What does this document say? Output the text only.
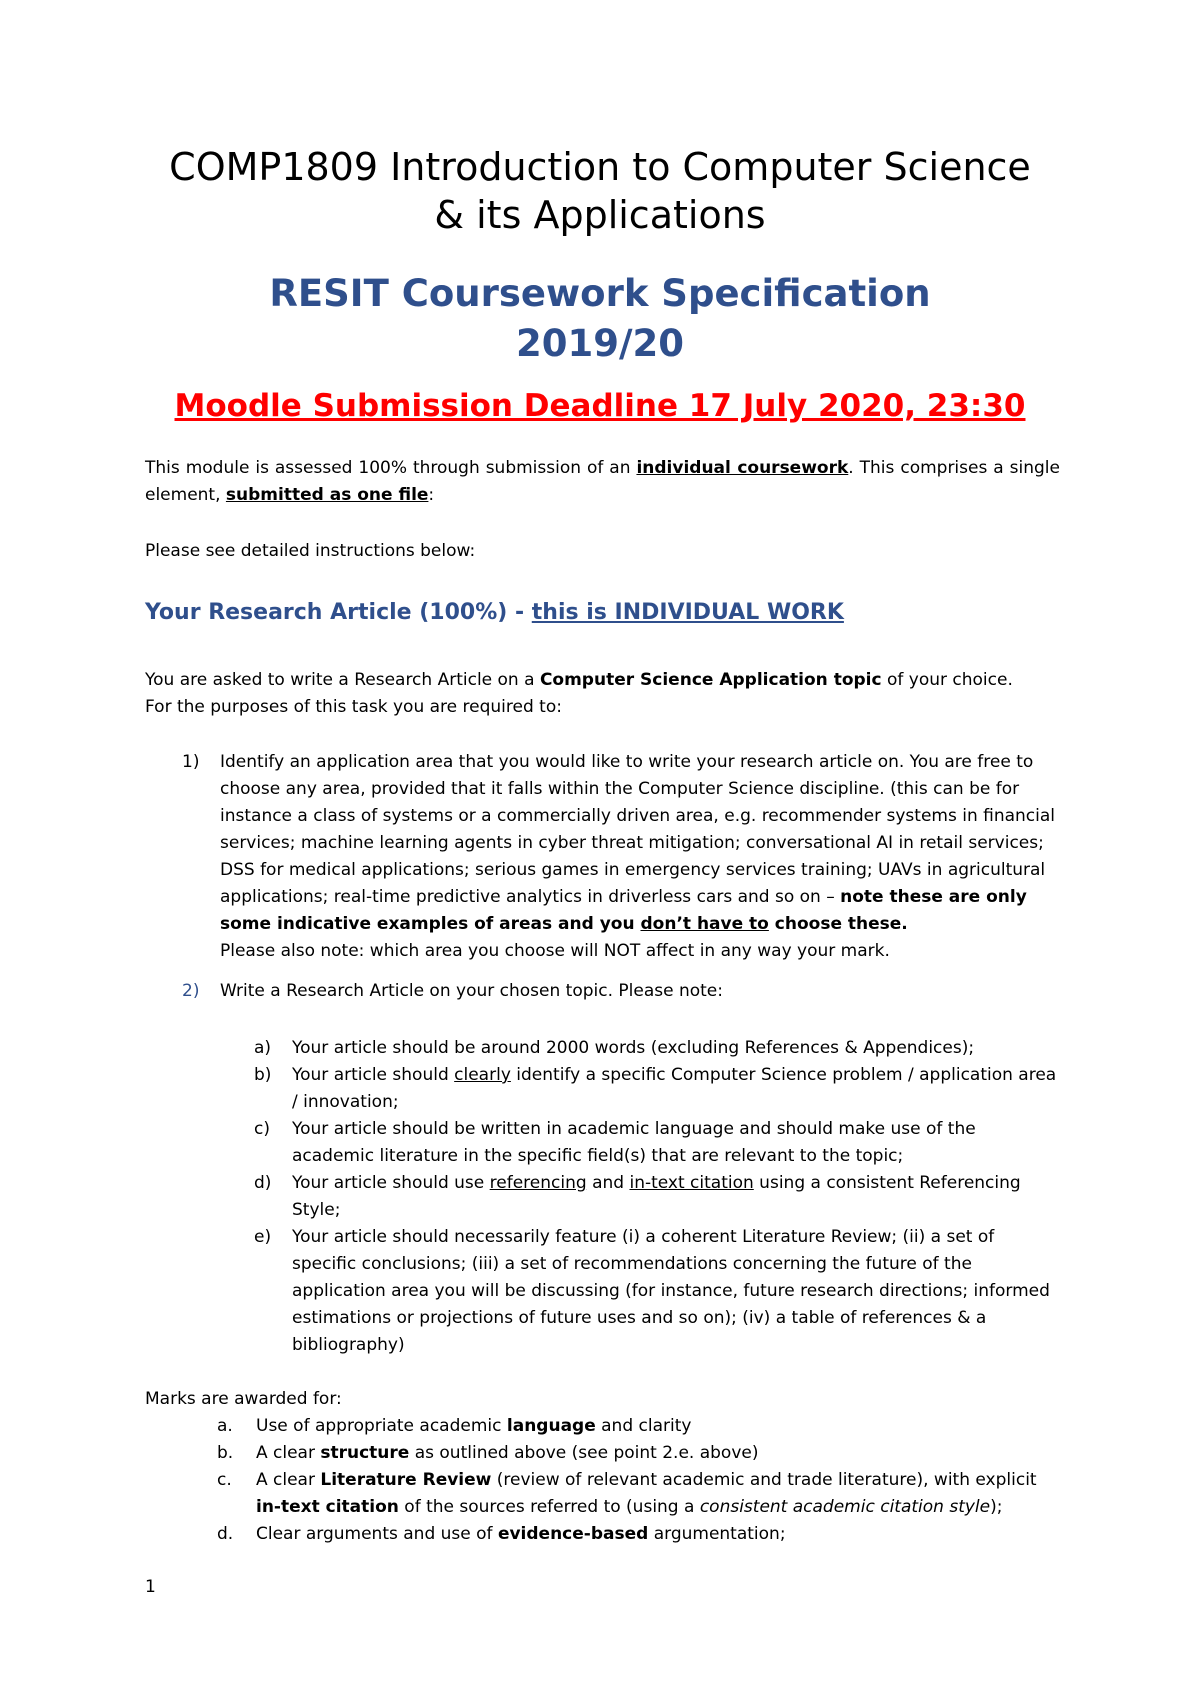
COMP1809 Introduction to Computer Science
& its Applications
RESIT Coursework Specification
2019/20
Moodle Submission Deadline 17 July 2020, 23:30
This module is assessed 100% through submission of an individual coursework. This comprises a single element, submitted as one file:
Please see detailed instructions below:
Your Research Article (100%) - this is INDIVIDUAL WORK
You are asked to write a Research Article on a Computer Science Application topic of your choice.
For the purposes of this task you are required to:
1) Identify an application area that you would like to write your research article on. You are free to choose any area, provided that it falls within the Computer Science discipline. (this can be for instance a class of systems or a commercially driven area, e.g. recommender systems in financial services; machine learning agents in cyber threat mitigation; conversational AI in retail services; DSS for medical applications; serious games in emergency services training; UAVs in agricultural applications; real-time predictive analytics in driverless cars and so on – note these are only some indicative examples of areas and you don’t have to choose these.
Please also note: which area you choose will NOT affect in any way your mark.
2) Write a Research Article on your chosen topic. Please note:
a) Your article should be around 2000 words (excluding References & Appendices);
b) Your article should clearly identify a specific Computer Science problem / application area / innovation;
c) Your article should be written in academic language and should make use of the academic literature in the specific field(s) that are relevant to the topic;
d) Your article should use referencing and in-text citation using a consistent Referencing Style;
e) Your article should necessarily feature (i) a coherent Literature Review; (ii) a set of specific conclusions; (iii) a set of recommendations concerning the future of the application area you will be discussing (for instance, future research directions; informed estimations or projections of future uses and so on); (iv) a table of references & a bibliography)
Marks are awarded for:
a. Use of appropriate academic language and clarity
b. A clear structure as outlined above (see point 2.e. above)
c. A clear Literature Review (review of relevant academic and trade literature), with explicit in-text citation of the sources referred to (using a consistent academic citation style);
d. Clear arguments and use of evidence-based argumentation;
1
